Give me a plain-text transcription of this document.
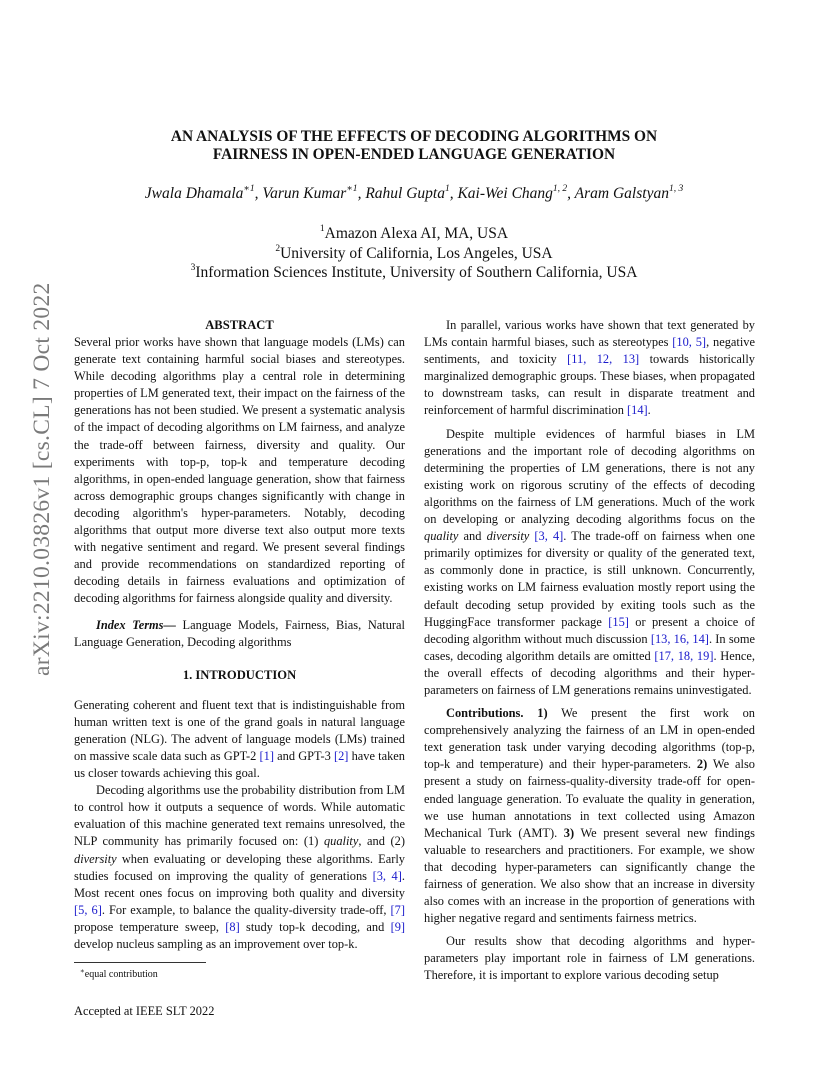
arXiv:2210.03826v1 [cs.CL] 7 Oct 2022
AN ANALYSIS OF THE EFFECTS OF DECODING ALGORITHMS ON
FAIRNESS IN OPEN-ENDED LANGUAGE GENERATION
Jwala Dhamala$^{∗1}$, Varun Kumar$^{∗1}$, Rahul Gupta$^1$, Kai-Wei Chang$^{1, 2}$, Aram Galstyan$^{1, 3}$
$^1$Amazon Alexa AI, MA, USA
$^2$University of California, Los Angeles, USA
$^3$Information Sciences Institute, University of Southern California, USA
ABSTRACT

Several prior works have shown that language models (LMs) can generate text containing harmful social biases and stereotypes. While decoding algorithms play a central role in determining properties of LM generated text, their impact on the fairness of the generations has not been studied. We present a systematic analysis of the impact of decoding algorithms on LM fairness, and analyze the trade-off between fairness, diversity and quality. Our experiments with top-p, top-k and temperature decoding algorithms, in open-ended language generation, show that fairness across demographic groups changes significantly with change in decoding algorithm's hyper-parameters. Notably, decoding algorithms that output more diverse text also output more texts with negative sentiment and regard. We present several findings and provide recommendations on standardized reporting of decoding details in fairness evaluations and optimization of decoding algorithms for fairness alongside quality and diversity.

Index Terms— Language Models, Fairness, Bias, Natural Language Generation, Decoding algorithms

1. INTRODUCTION

Generating coherent and fluent text that is indistinguishable from human written text is one of the grand goals in natural language generation (NLG). The advent of language models (LMs) trained on massive scale data such as GPT-2 [1] and GPT-3 [2] have taken us closer towards achieving this goal.

Decoding algorithms use the probability distribution from LM to control how it outputs a sequence of words. While automatic evaluation of this machine generated text remains unresolved, the NLP community has primarily focused on: (1) quality, and (2) diversity when evaluating or developing these algorithms. Early studies focused on improving the quality of generations [3, 4]. Most recent ones focus on improving both quality and diversity [5, 6]. For example, to balance the quality-diversity trade-off, [7] propose temperature sweep, [8] study top-k decoding, and [9] develop nucleus sampling as an improvement over top-k.

In parallel, various works have shown that text generated by LMs contain harmful biases, such as stereotypes [10, 5], negative sentiments, and toxicity [11, 12, 13] towards historically marginalized demographic groups. These biases, when propagated to downstream tasks, can result in disparate treatment and reinforcement of harmful discrimination [14].

Despite multiple evidences of harmful biases in LM generations and the important role of decoding algorithms on determining the properties of LM generations, there is not any existing work on rigorous scrutiny of the effects of decoding algorithms on the fairness of LM generations. Much of the work on developing or analyzing decoding algorithms focus on the quality and diversity [3, 4]. The trade-off on fairness when one primarily optimizes for diversity or quality of the generated text, as commonly done in practice, is still unknown. Concurrently, existing works on LM fairness evaluation mostly report using the default decoding setup provided by exiting tools such as the HuggingFace transformer package [15] or present a choice of decoding algorithm without much discussion [13, 16, 14]. In some cases, decoding algorithm details are omitted [17, 18, 19]. Hence, the overall effects of decoding algorithms and their hyper-parameters on fairness of LM generations remains uninvestigated.

Contributions. 1) We present the first work on comprehensively analyzing the fairness of an LM in open-ended text generation task under varying decoding algorithms (top-p, top-k and temperature) and their hyper-parameters. 2) We also present a study on fairness-quality-diversity trade-off for open-ended language generation. To evaluate the quality in generation, we use human annotations in text collected using Amazon Mechanical Turk (AMT). 3) We present several new findings valuable to researchers and practitioners. For example, we show that decoding hyper-parameters can significantly change the fairness of generation. We also show that an increase in diversity also comes with an increase in the proportion of generations with higher negative regard and sentiments fairness metrics.

Our results show that decoding algorithms and hyper-parameters play important role in fairness of LM generations. Therefore, it is important to explore various decoding setup

∗equal contribution
Accepted at IEEE SLT 2022
